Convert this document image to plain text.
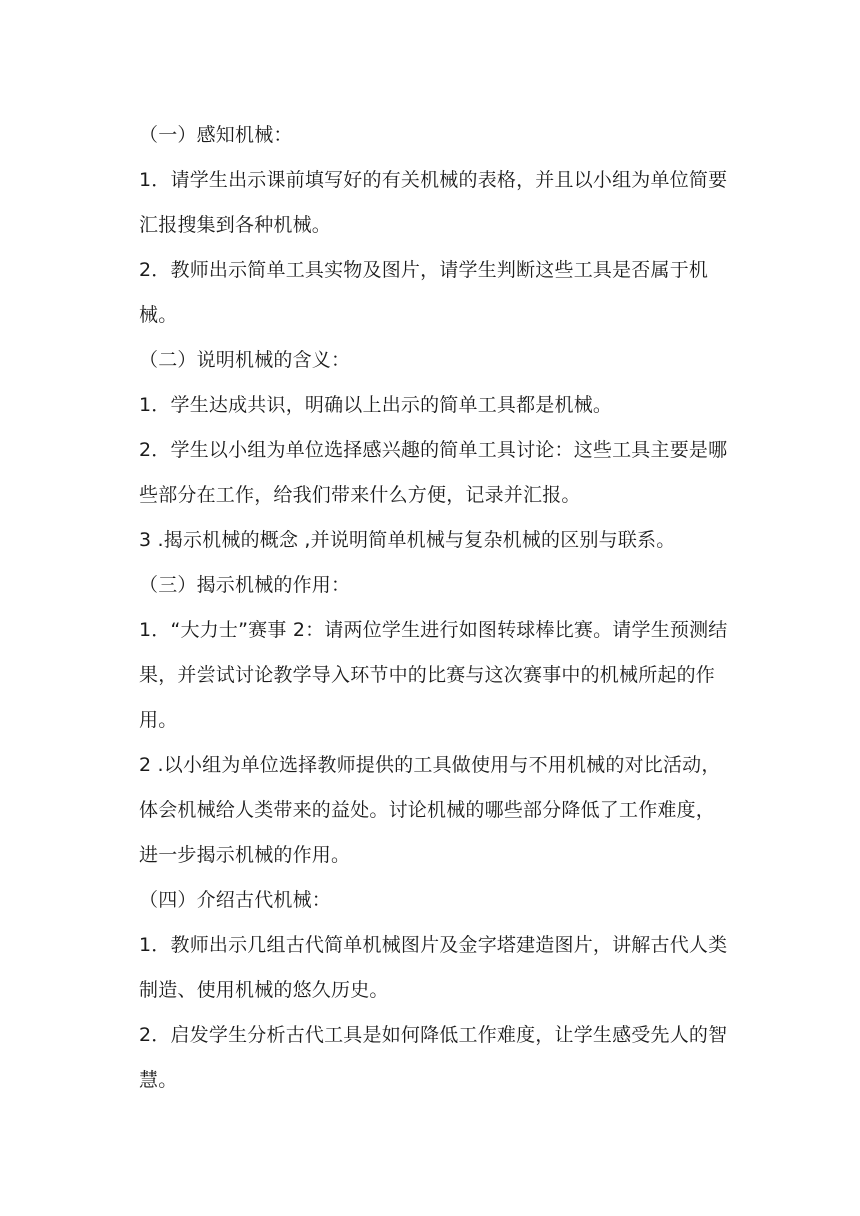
（一）感知机械：

1．请学生出示课前填写好的有关机械的表格，并且以小组为单位简要汇报搜集到各种机械。

2．教师出示简单工具实物及图片，请学生判断这些工具是否属于机械。

（二）说明机械的含义：

1．学生达成共识，明确以上出示的简单工具都是机械。

2．学生以小组为单位选择感兴趣的简单工具讨论：这些工具主要是哪些部分在工作，给我们带来什么方便，记录并汇报。

3 .揭示机械的概念 ,并说明简单机械与复杂机械的区别与联系。

（三）揭示机械的作用：

1．“大力士”赛事 2：请两位学生进行如图转球棒比赛。请学生预测结果，并尝试讨论教学导入环节中的比赛与这次赛事中的机械所起的作用。

2 .以小组为单位选择教师提供的工具做使用与不用机械的对比活动，体会机械给人类带来的益处。讨论机械的哪些部分降低了工作难度，进一步揭示机械的作用。

（四）介绍古代机械：

1．教师出示几组古代简单机械图片及金字塔建造图片，讲解古代人类制造、使用机械的悠久历史。

2．启发学生分析古代工具是如何降低工作难度，让学生感受先人的智慧。
